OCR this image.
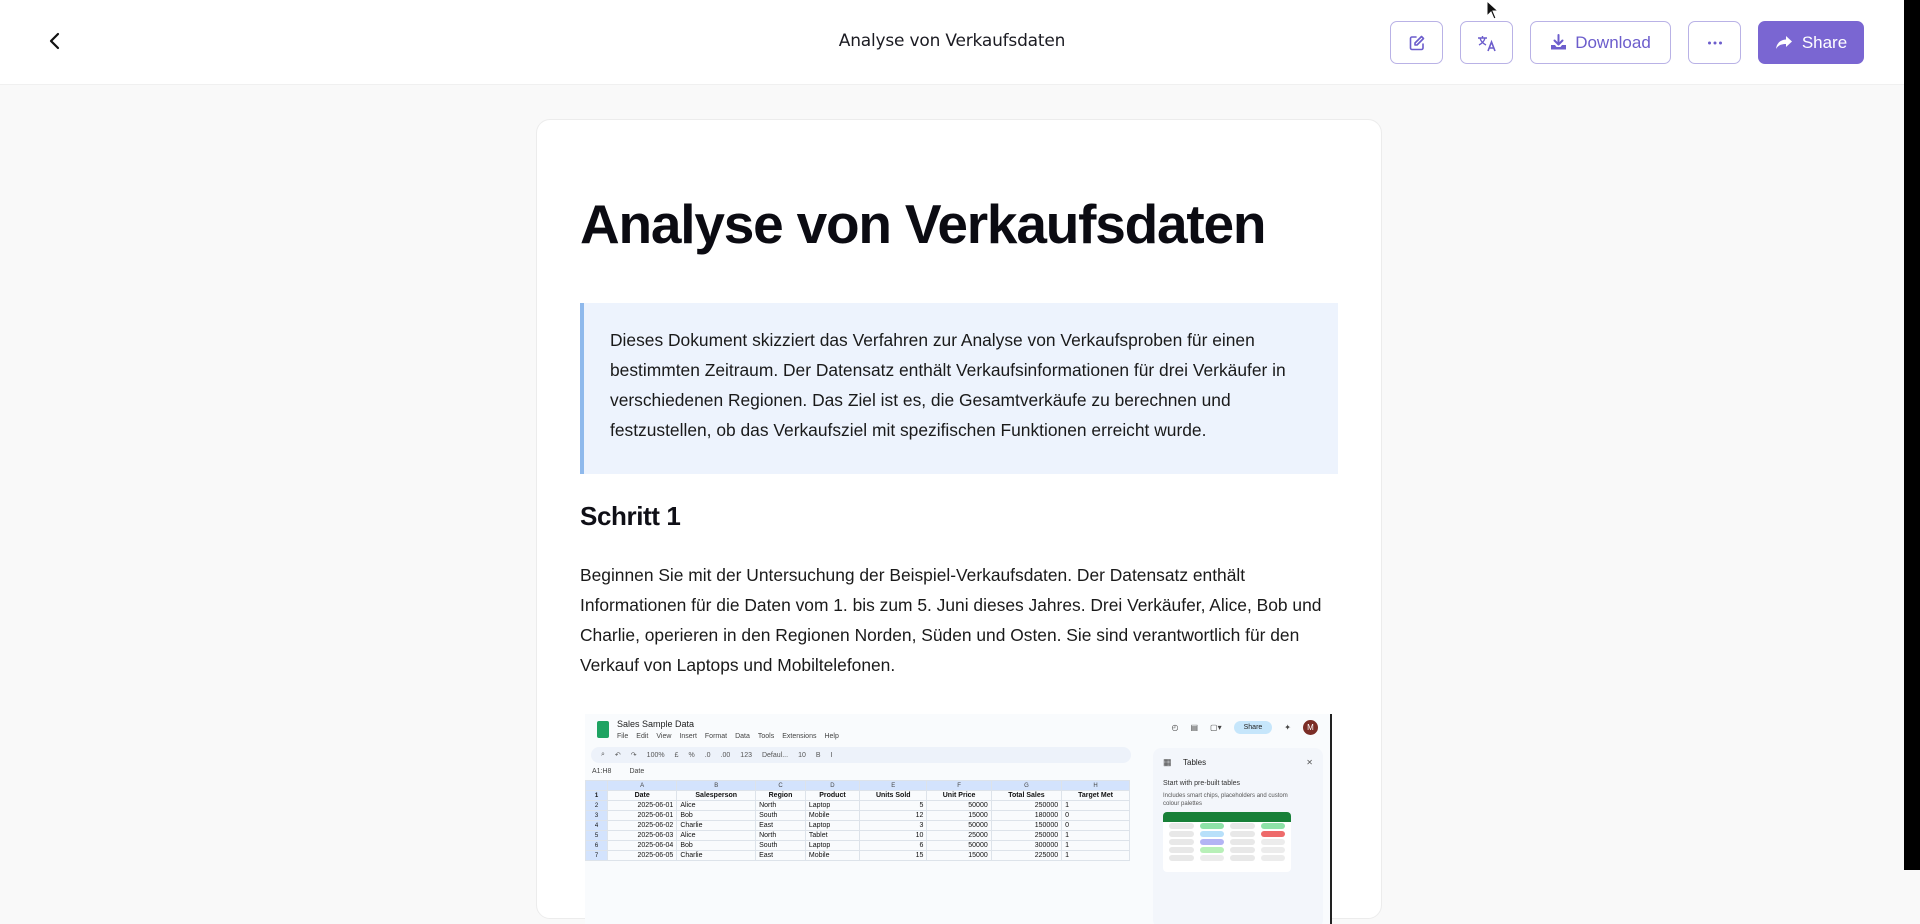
Analyse von Verkaufsdaten	Download	Share
Analyse von Verkaufsdaten

Dieses Dokument skizziert das Verfahren zur Analyse von Verkaufsproben für einen bestimmten Zeitraum. Der Datensatz enthält Verkaufsinformationen für drei Verkäufer in verschiedenen Regionen. Das Ziel ist es, die Gesamtverkäufe zu berechnen und festzustellen, ob das Verkaufsziel mit spezifischen Funktionen erreicht wurde.

Schritt 1

Beginnen Sie mit der Untersuchung der Beispiel-Verkaufsdaten. Der Datensatz enthält Informationen für die Daten vom 1. bis zum 5. Juni dieses Jahres. Drei Verkäufer, Alice, Bob und Charlie, operieren in den Regionen Norden, Süden und Osten. Sie sind verantwortlich für den Verkauf von Laptops und Mobiltelefonen.

Sales Sample Data
File Edit View Insert Format Data Tools Extensions Help
◴ ▤ ▢▾	Share	✦	M
⌕ ↶ ↷ 100% £ % .0 .00 123 Defaul... 10 B I
A1:H8	Date
	A	B	C	D	E	F	G	H
1	Date	Salesperson	Region	Product	Units Sold	Unit Price	Total Sales	Target Met
2	2025-06-01	Alice	North	Laptop	5	50000	250000	1
3	2025-06-01	Bob	South	Mobile	12	15000	180000	0
4	2025-06-02	Charlie	East	Laptop	3	50000	150000	0
5	2025-06-03	Alice	North	Tablet	10	25000	250000	1
6	2025-06-04	Bob	South	Laptop	6	50000	300000	1
7	2025-06-05	Charlie	East	Mobile	15	15000	225000	1
▦ Tables	✕
Start with pre-built tables
Includes smart chips, placeholders and custom colour palettes
